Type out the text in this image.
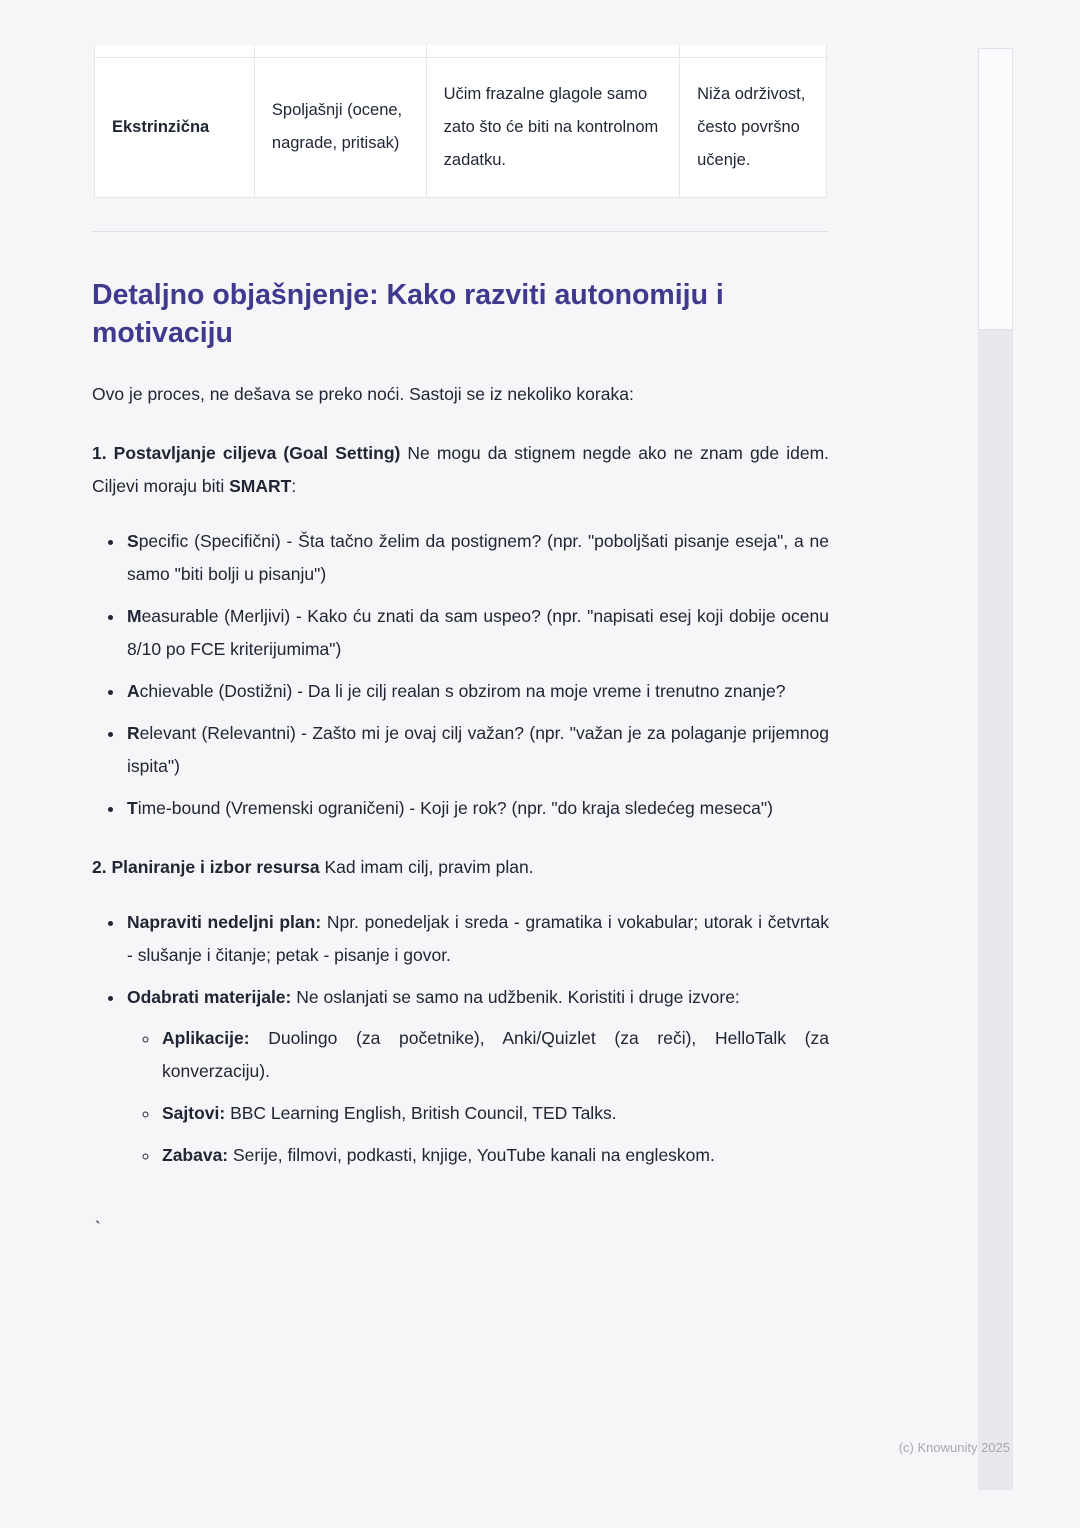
Ekstrinzična	Spoljašnji (ocene, nagrade, pritisak)	Učim frazalne glagole samo zato što će biti na kontrolnom zadatku.	Niža održivost, često površno učenje.
Detaljno objašnjenje: Kako razviti autonomiju i motivaciju

Ovo je proces, ne dešava se preko noći. Sastoji se iz nekoliko koraka:

1. Postavljanje ciljeva (Goal Setting) Ne mogu da stignem negde ako ne znam gde idem. Ciljevi moraju biti SMART:

• Specific (Specifični) - Šta tačno želim da postignem? (npr. "poboljšati pisanje eseja", a ne samo "biti bolji u pisanju")
• Measurable (Merljivi) - Kako ću znati da sam uspeo? (npr. "napisati esej koji dobije ocenu 8/10 po FCE kriterijumima")
• Achievable (Dostižni) - Da li je cilj realan s obzirom na moje vreme i trenutno znanje?
• Relevant (Relevantni) - Zašto mi je ovaj cilj važan? (npr. "važan je za polaganje prijemnog ispita")
• Time-bound (Vremenski ograničeni) - Koji je rok? (npr. "do kraja sledećeg meseca")

2. Planiranje i izbor resursa Kad imam cilj, pravim plan.

• Napraviti nedeljni plan: Npr. ponedeljak i sreda - gramatika i vokabular; utorak i četvrtak - slušanje i čitanje; petak - pisanje i govor.
• Odabrati materijale: Ne oslanjati se samo na udžbenik. Koristiti i druge izvore:
◦ Aplikacije: Duolingo (za početnike), Anki/Quizlet (za reči), HelloTalk (za konverzaciju).
◦ Sajtovi: BBC Learning English, British Council, TED Talks.
◦ Zabava: Serije, filmovi, podkasti, knjige, YouTube kanali na engleskom.

`

(c) Knowunity 2025
